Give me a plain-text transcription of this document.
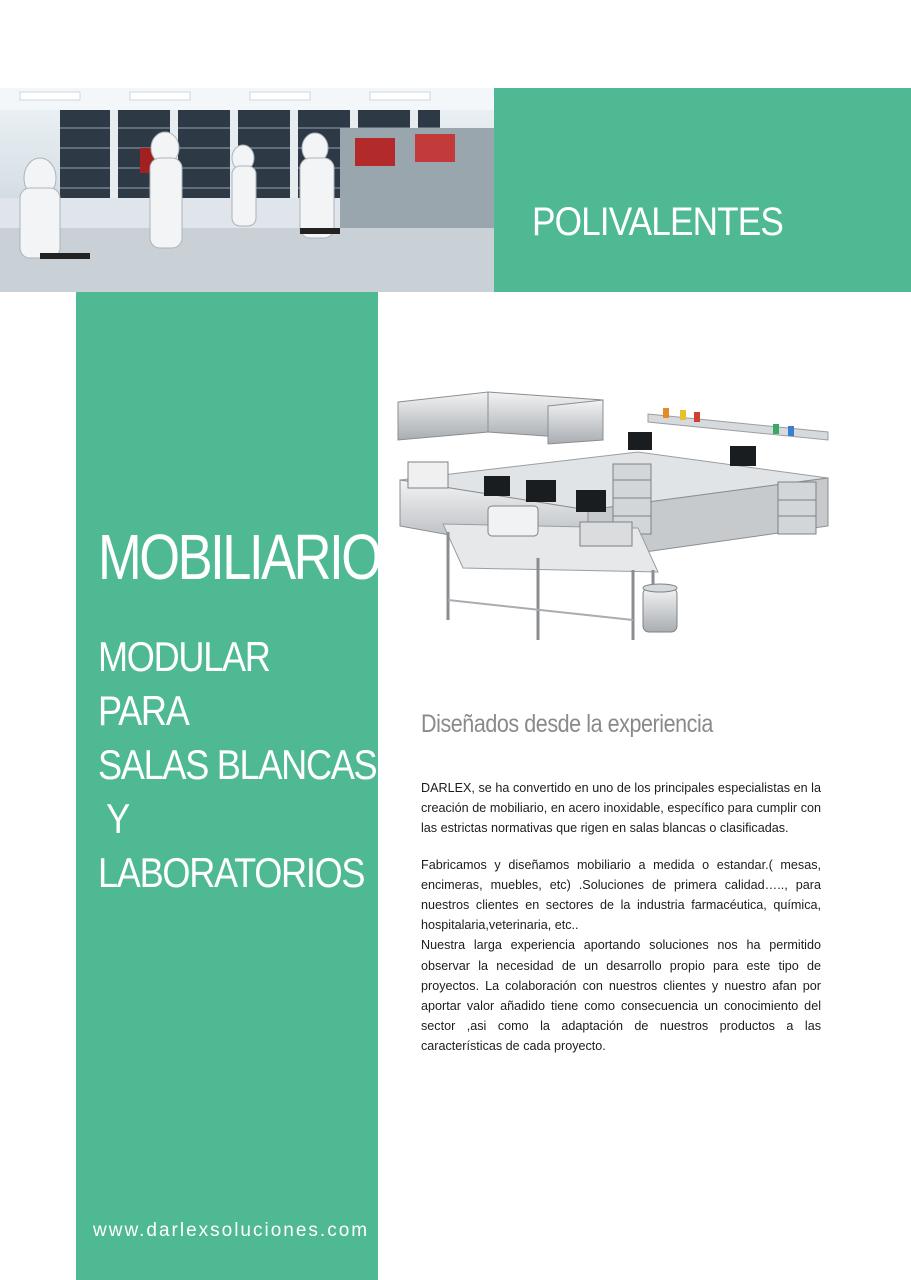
POLIVALENTES
MOBILIARIO
MODULAR
PARA
SALAS BLANCAS
Y
LABORATORIOS

www.darlexsoluciones.com

Diseñados desde la experiencia

DARLEX, se ha convertido en uno de los principales especialistas en la creación de mobiliario, en acero inoxidable, específico para cumplir con las estrictas normativas que rigen en salas blancas o clasificadas.

Fabricamos y diseñamos mobiliario a medida o estandar.( mesas, encimeras, muebles, etc) .Soluciones de primera calidad….., para nuestros clientes en sectores de la industria farmacéutica, química, hospitalaria,veterinaria, etc..

Nuestra larga experiencia aportando soluciones nos ha permitido observar la necesidad de un desarrollo propio para este tipo de proyectos. La colaboración con nuestros clientes y nuestro afan por aportar valor añadido tiene como consecuencia un conocimiento del sector ,asi como la adaptación de nuestros productos a las características de cada proyecto.
